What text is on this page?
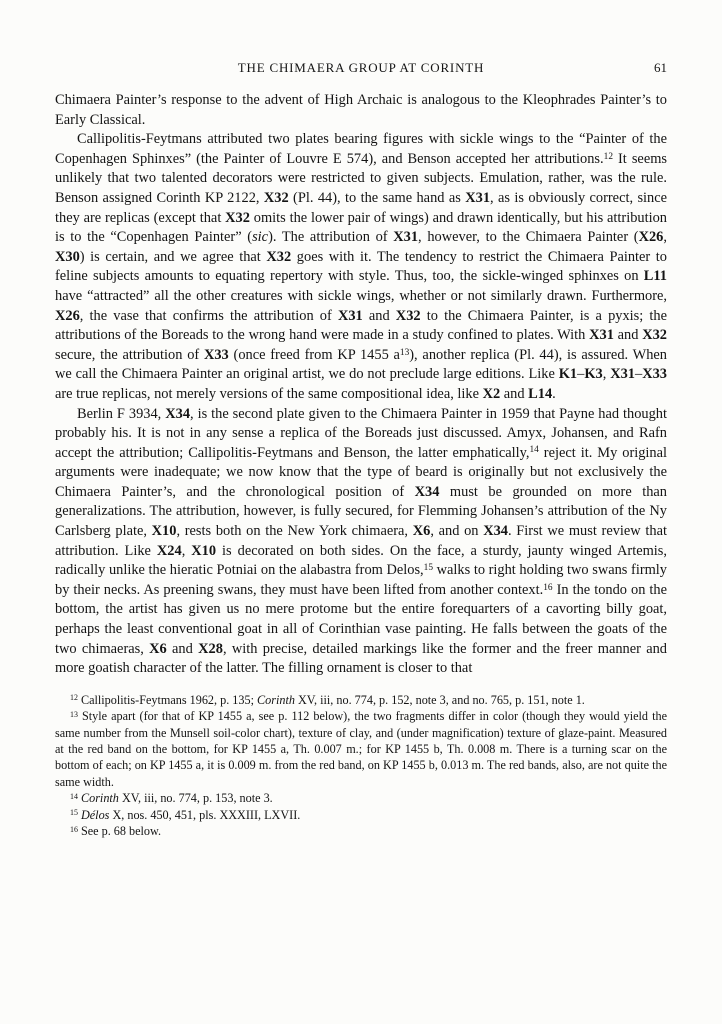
THE CHIMAERA GROUP AT CORINTH	61

Chimaera Painter’s response to the advent of High Archaic is analogous to the Kleophrades Painter’s to Early Classical.

Callipolitis-Feytmans attributed two plates bearing figures with sickle wings to the “Painter of the Copenhagen Sphinxes” (the Painter of Louvre E 574), and Benson accepted her attributions.$^{12}$ It seems unlikely that two talented decorators were restricted to given subjects. Emulation, rather, was the rule. Benson assigned Corinth KP 2122, X32 (Pl. 44), to the same hand as X31, as is obviously correct, since they are replicas (except that X32 omits the lower pair of wings) and drawn identically, but his attribution is to the “Copenhagen Painter” (sic). The attribution of X31, however, to the Chimaera Painter (X26, X30) is certain, and we agree that X32 goes with it. The tendency to restrict the Chimaera Painter to feline subjects amounts to equating repertory with style. Thus, too, the sickle-winged sphinxes on L11 have “attracted” all the other creatures with sickle wings, whether or not similarly drawn. Furthermore, X26, the vase that confirms the attribution of X31 and X32 to the Chimaera Painter, is a pyxis; the attributions of the Boreads to the wrong hand were made in a study confined to plates. With X31 and X32 secure, the attribution of X33 (once freed from KP 1455 $a^{13}$), another replica (Pl. 44), is assured. When we call the Chimaera Painter an original artist, we do not preclude large editions. Like K1–K3, X31–X33 are true replicas, not merely versions of the same compositional idea, like X2 and L14.

Berlin F 3934, X34, is the second plate given to the Chimaera Painter in 1959 that Payne had thought probably his. It is not in any sense a replica of the Boreads just discussed. Amyx, Johansen, and Rafn accept the attribution; Callipolitis-Feytmans and Benson, the latter emphatically,$^{14}$ reject it. My original arguments were inadequate; we now know that the type of beard is originally but not exclusively the Chimaera Painter’s, and the chronological position of X34 must be grounded on more than generalizations. The attribution, however, is fully secured, for Flemming Johansen’s attribution of the Ny Carlsberg plate, X10, rests both on the New York chimaera, X6, and on X34. First we must review that attribution. Like X24, X10 is decorated on both sides. On the face, a sturdy, jaunty winged Artemis, radically unlike the hieratic Potniai on the alabastra from Delos,$^{15}$ walks to right holding two swans firmly by their necks. As preening swans, they must have been lifted from another context.$^{16}$ In the tondo on the bottom, the artist has given us no mere protome but the entire forequarters of a cavorting billy goat, perhaps the least conventional goat in all of Corinthian vase painting. He falls between the goats of the two chimaeras, X6 and X28, with precise, detailed markings like the former and the freer manner and more goatish character of the latter. The filling ornament is closer to that

$^{12}$ Callipolitis-Feytmans 1962, p. 135; Corinth XV, iii, no. 774, p. 152, note 3, and no. 765, p. 151, note 1.

$^{13}$ Style apart (for that of KP 1455 a, see p. 112 below), the two fragments differ in color (though they would yield the same number from the Munsell soil-color chart), texture of clay, and (under magnification) texture of glaze-paint. Measured at the red band on the bottom, for KP 1455 a, Th. 0.007 m.; for KP 1455 b, Th. 0.008 m. There is a turning scar on the bottom of each; on KP 1455 a, it is 0.009 m. from the red band, on KP 1455 b, 0.013 m. The red bands, also, are not quite the same width.

$^{14}$ Corinth XV, iii, no. 774, p. 153, note 3.

$^{15}$ Délos X, nos. 450, 451, pls. XXXIII, LXVII.

$^{16}$ See p. 68 below.
